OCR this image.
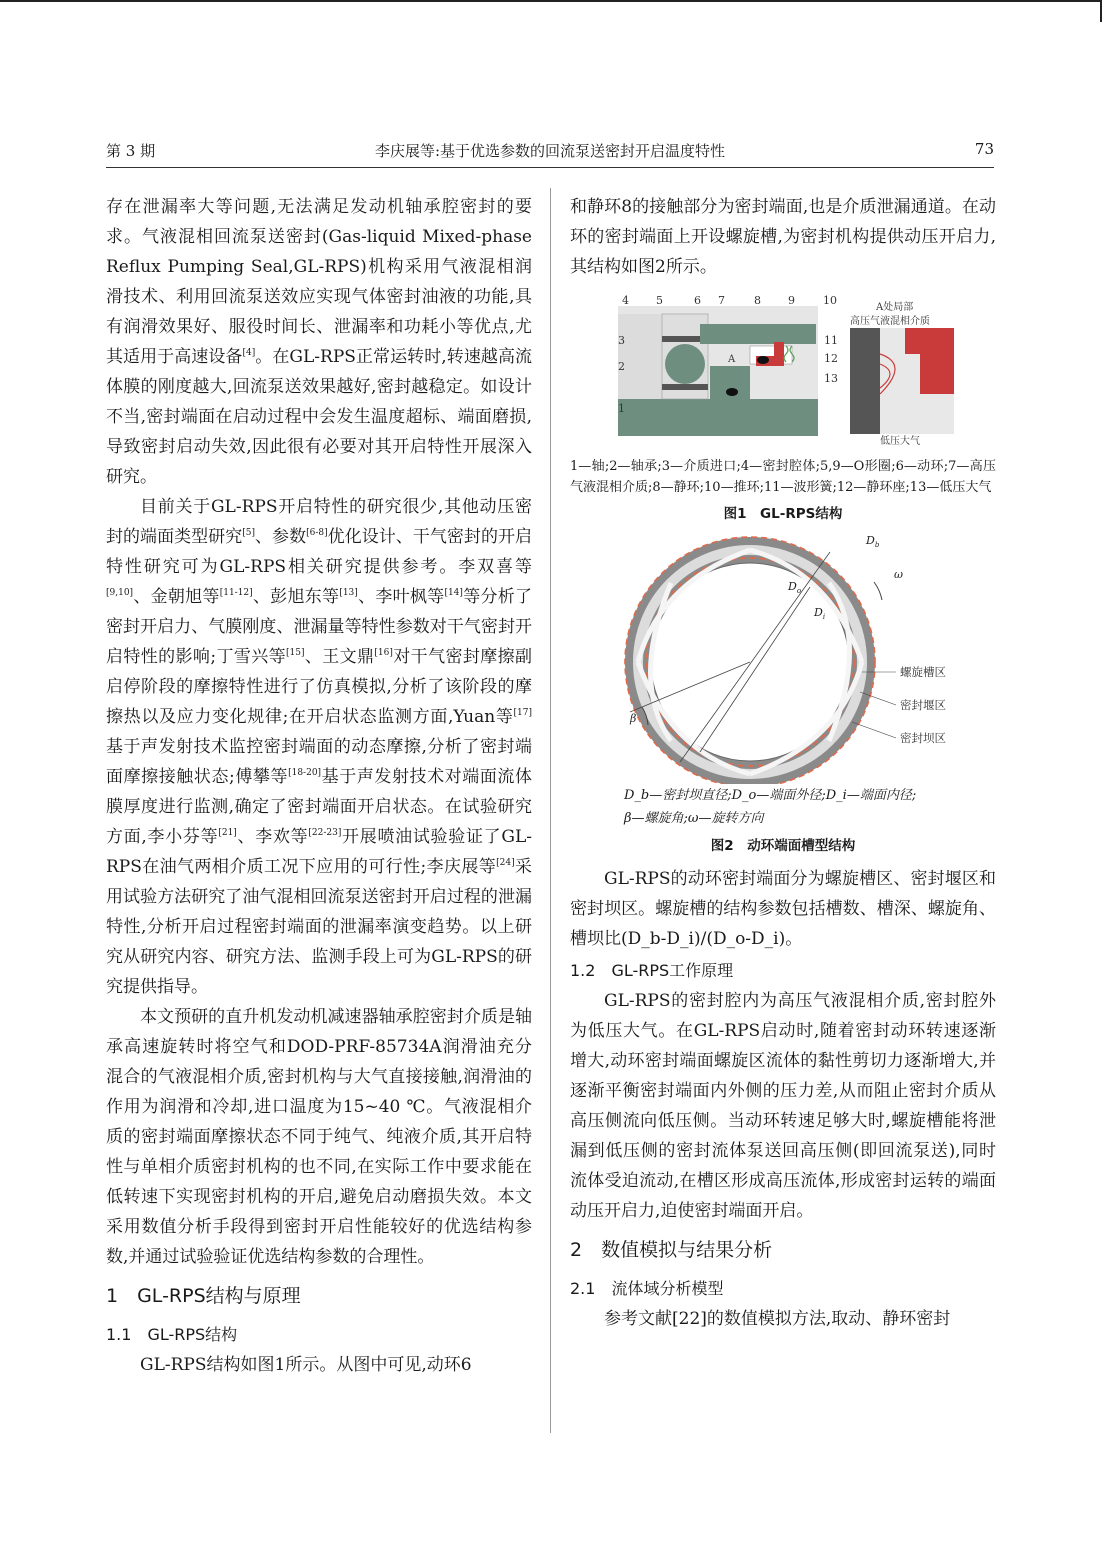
第 3 期	李庆展等:基于优选参数的回流泵送密封开启温度特性	73

存在泄漏率大等问题,无法满足发动机轴承腔密封的要求。气液混相回流泵送密封(Gas-liquid Mixed-phase Reflux Pumping Seal,GL-RPS)机构采用气液混相润滑技术、利用回流泵送效应实现气体密封油液的功能,具有润滑效果好、服役时间长、泄漏率和功耗小等优点,尤其适用于高速设备[4]。在GL-RPS正常运转时,转速越高流体膜的刚度越大,回流泵送效果越好,密封越稳定。如设计不当,密封端面在启动过程中会发生温度超标、端面磨损,导致密封启动失效,因此很有必要对其开启特性开展深入研究。

目前关于GL-RPS开启特性的研究很少,其他动压密封的端面类型研究[5]、参数[6-8]优化设计、干气密封的开启特性研究可为GL-RPS相关研究提供参考。李双喜等[9,10]、金朝旭等[11-12]、彭旭东等[13]、李叶枫等[14]等分析了密封开启力、气膜刚度、泄漏量等特性参数对干气密封开启特性的影响;丁雪兴等[15]、王文鼎[16]对干气密封摩擦副启停阶段的摩擦特性进行了仿真模拟,分析了该阶段的摩擦热以及应力变化规律;在开启状态监测方面,Yuan等[17]基于声发射技术监控密封端面的动态摩擦,分析了密封端面摩擦接触状态;傅攀等[18-20]基于声发射技术对端面流体膜厚度进行监测,确定了密封端面开启状态。在试验研究方面,李小芬等[21]、李欢等[22-23]开展喷油试验验证了GL-RPS在油气两相介质工况下应用的可行性;李庆展等[24]采用试验方法研究了油气混相回流泵送密封开启过程的泄漏特性,分析开启过程密封端面的泄漏率演变趋势。以上研究从研究内容、研究方法、监测手段上可为GL-RPS的研究提供指导。

本文预研的直升机发动机减速器轴承腔密封介质是轴承高速旋转时将空气和DOD-PRF-85734A润滑油充分混合的气液混相介质,密封机构与大气直接接触,润滑油的作用为润滑和冷却,进口温度为15~40 ℃。气液混相介质的密封端面摩擦状态不同于纯气、纯液介质,其开启特性与单相介质密封机构的也不同,在实际工作中要求能在低转速下实现密封机构的开启,避免启动磨损失效。本文采用数值分析手段得到密封开启性能较好的优选结构参数,并通过试验验证优选结构参数的合理性。

1　GL-RPS结构与原理
1.1　GL-RPS结构

GL-RPS结构如图1所示。从图中可见,动环6

和静环8的接触部分为密封端面,也是介质泄漏通道。在动环的密封端面上开设螺旋槽,为密封机构提供动压开启力,其结构如图2所示。

4 5	6 7	8 9	10
3
2
1
11
12
13
A
A处局部
高压气液混相介质
低压大气

1—轴;2—轴承;3—介质进口;4—密封腔体;5,9—O形圈;6—动环;7—高压气液混相介质;8—静环;10—推环;11—波形簧;12—静环座;13—低压大气

图1　GL-RPS结构
$D_b$
$D_o$
$D_i$
ω
β
螺旋槽区
密封堰区
密封坝区

D_b—密封坝直径;D_o—端面外径;D_i—端面内径;

β—螺旋角;ω—旋转方向

图2　动环端面槽型结构

GL-RPS的动环密封端面分为螺旋槽区、密封堰区和密封坝区。螺旋槽的结构参数包括槽数、槽深、螺旋角、槽坝比(D_b-D_i)/(D_o-D_i)。

1.2　GL-RPS工作原理

GL-RPS的密封腔内为高压气液混相介质,密封腔外为低压大气。在GL-RPS启动时,随着密封动环转速逐渐增大,动环密封端面螺旋区流体的黏性剪切力逐渐增大,并逐渐平衡密封端面内外侧的压力差,从而阻止密封介质从高压侧流向低压侧。当动环转速足够大时,螺旋槽能将泄漏到低压侧的密封流体泵送回高压侧(即回流泵送),同时流体受迫流动,在槽区形成高压流体,形成密封运转的端面动压开启力,迫使密封端面开启。

2　数值模拟与结果分析
2.1　流体域分析模型

参考文献[22]的数值模拟方法,取动、静环密封
